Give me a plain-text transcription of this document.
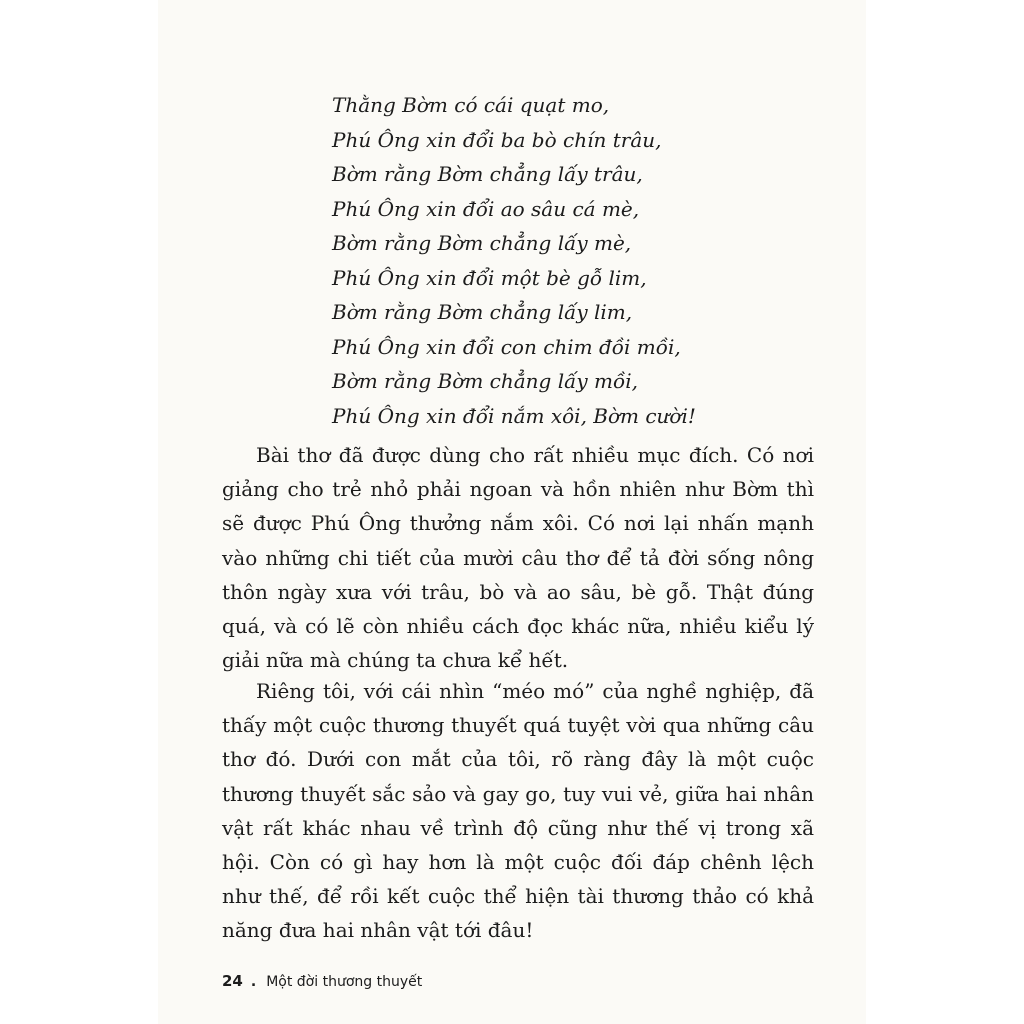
Thằng Bờm có cái quạt mo,
Phú Ông xin đổi ba bò chín trâu,
Bờm rằng Bờm chẳng lấy trâu,
Phú Ông xin đổi ao sâu cá mè,
Bờm rằng Bờm chẳng lấy mè,
Phú Ông xin đổi một bè gỗ lim,
Bờm rằng Bờm chẳng lấy lim,
Phú Ông xin đổi con chim đồi mồi,
Bờm rằng Bờm chẳng lấy mồi,
Phú Ông xin đổi nắm xôi, Bờm cười!

Bài thơ đã được dùng cho rất nhiều mục đích. Có nơi giảng cho trẻ nhỏ phải ngoan và hồn nhiên như Bờm thì sẽ được Phú Ông thưởng nắm xôi. Có nơi lại nhấn mạnh vào những chi tiết của mười câu thơ để tả đời sống nông thôn ngày xưa với trâu, bò và ao sâu, bè gỗ. Thật đúng quá, và có lẽ còn nhiều cách đọc khác nữa, nhiều kiểu lý giải nữa mà chúng ta chưa kể hết.

Riêng tôi, với cái nhìn “méo mó” của nghề nghiệp, đã thấy một cuộc thương thuyết quá tuyệt vời qua những câu thơ đó. Dưới con mắt của tôi, rõ ràng đây là một cuộc thương thuyết sắc sảo và gay go, tuy vui vẻ, giữa hai nhân vật rất khác nhau về trình độ cũng như thế vị trong xã hội. Còn có gì hay hơn là một cuộc đối đáp chênh lệch như thế, để rồi kết cuộc thể hiện tài thương thảo có khả năng đưa hai nhân vật tới đâu!

24 . Một đời thương thuyết
